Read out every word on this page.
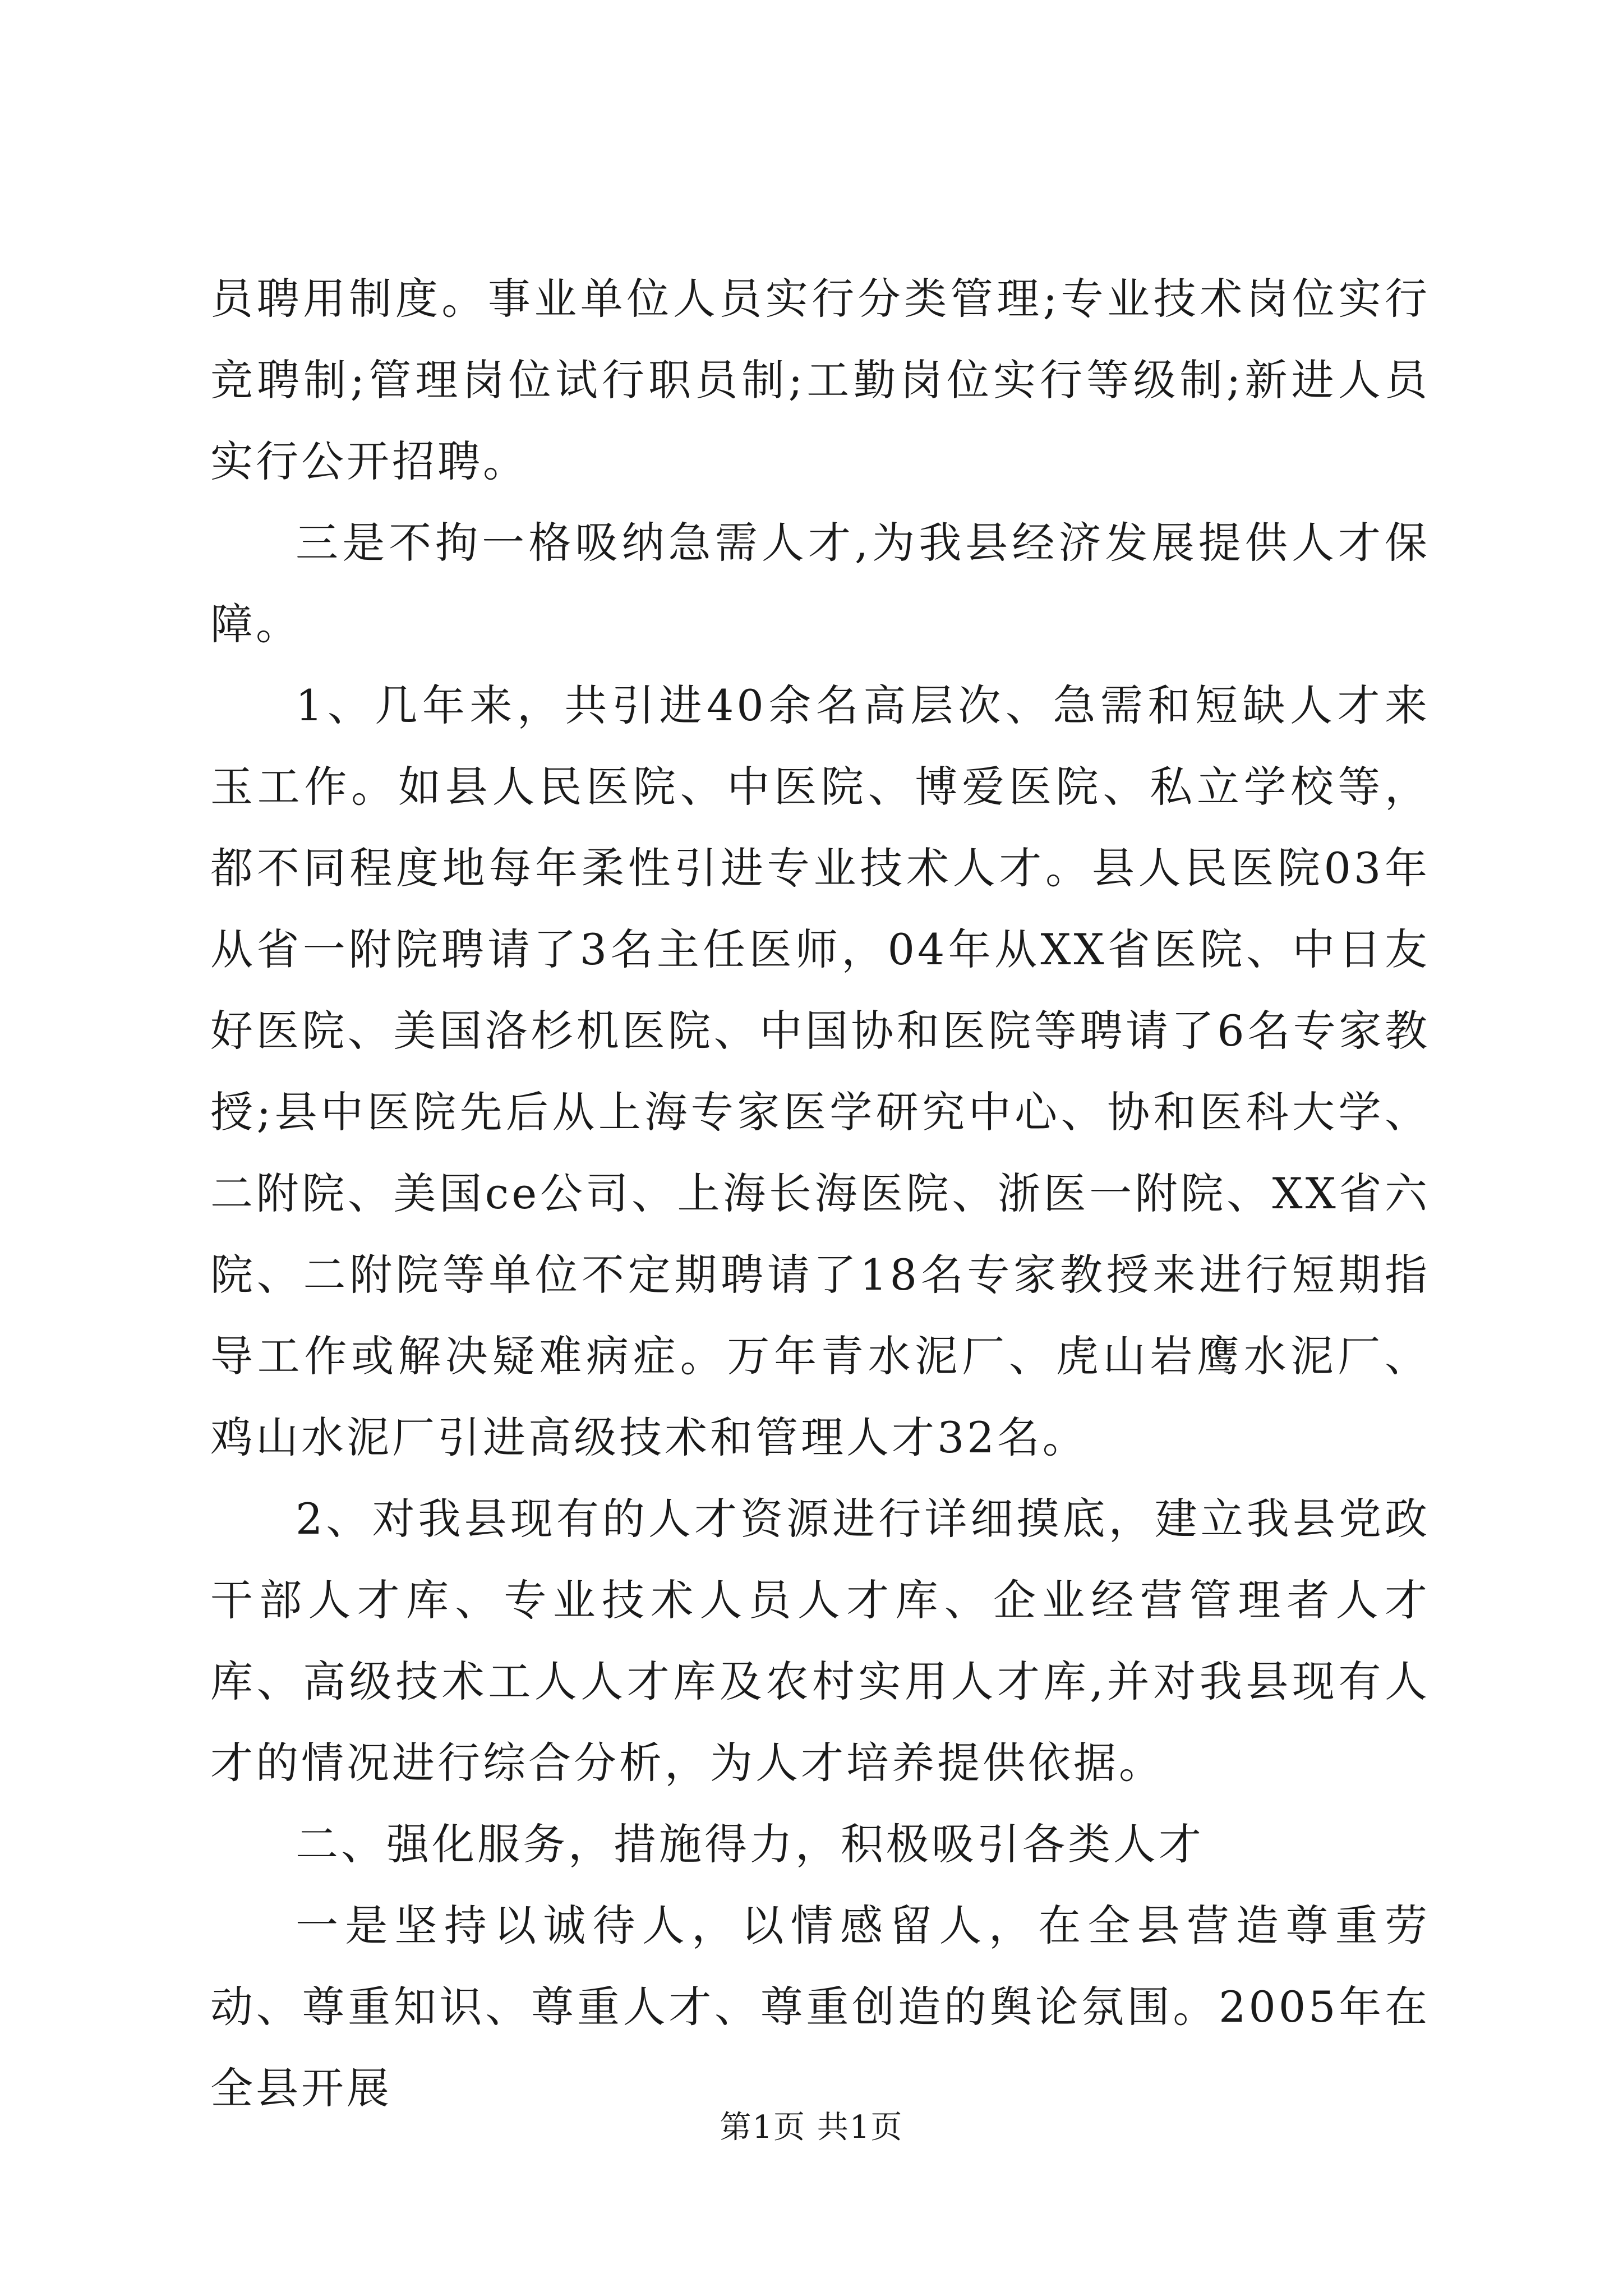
员聘用制度。事业单位人员实行分类管理;专业技术岗位实行竞聘制;管理岗位试行职员制;工勤岗位实行等级制;新进人员实行公开招聘。

三是不拘一格吸纳急需人才,为我县经济发展提供人才保障。

1、几年来，共引进40余名高层次、急需和短缺人才来玉工作。如县人民医院、中医院、博爱医院、私立学校等，都不同程度地每年柔性引进专业技术人才。县人民医院03年从省一附院聘请了3名主任医师，04年从XX省医院、中日友好医院、美国洛杉机医院、中国协和医院等聘请了6名专家教授;县中医院先后从上海专家医学研究中心、协和医科大学、二附院、美国ce公司、上海长海医院、浙医一附院、XX省六院、二附院等单位不定期聘请了18名专家教授来进行短期指导工作或解决疑难病症。万年青水泥厂、虎山岩鹰水泥厂、鸡山水泥厂引进高级技术和管理人才32名。

2、对我县现有的人才资源进行详细摸底，建立我县党政干部人才库、专业技术人员人才库、企业经营管理者人才库、高级技术工人人才库及农村实用人才库,并对我县现有人才的情况进行综合分析，为人才培养提供依据。

二、强化服务，措施得力，积极吸引各类人才

一是坚持以诚待人，以情感留人，在全县营造尊重劳动、尊重知识、尊重人才、尊重创造的舆论氛围。2005年在全县开展

第1页 共1页
